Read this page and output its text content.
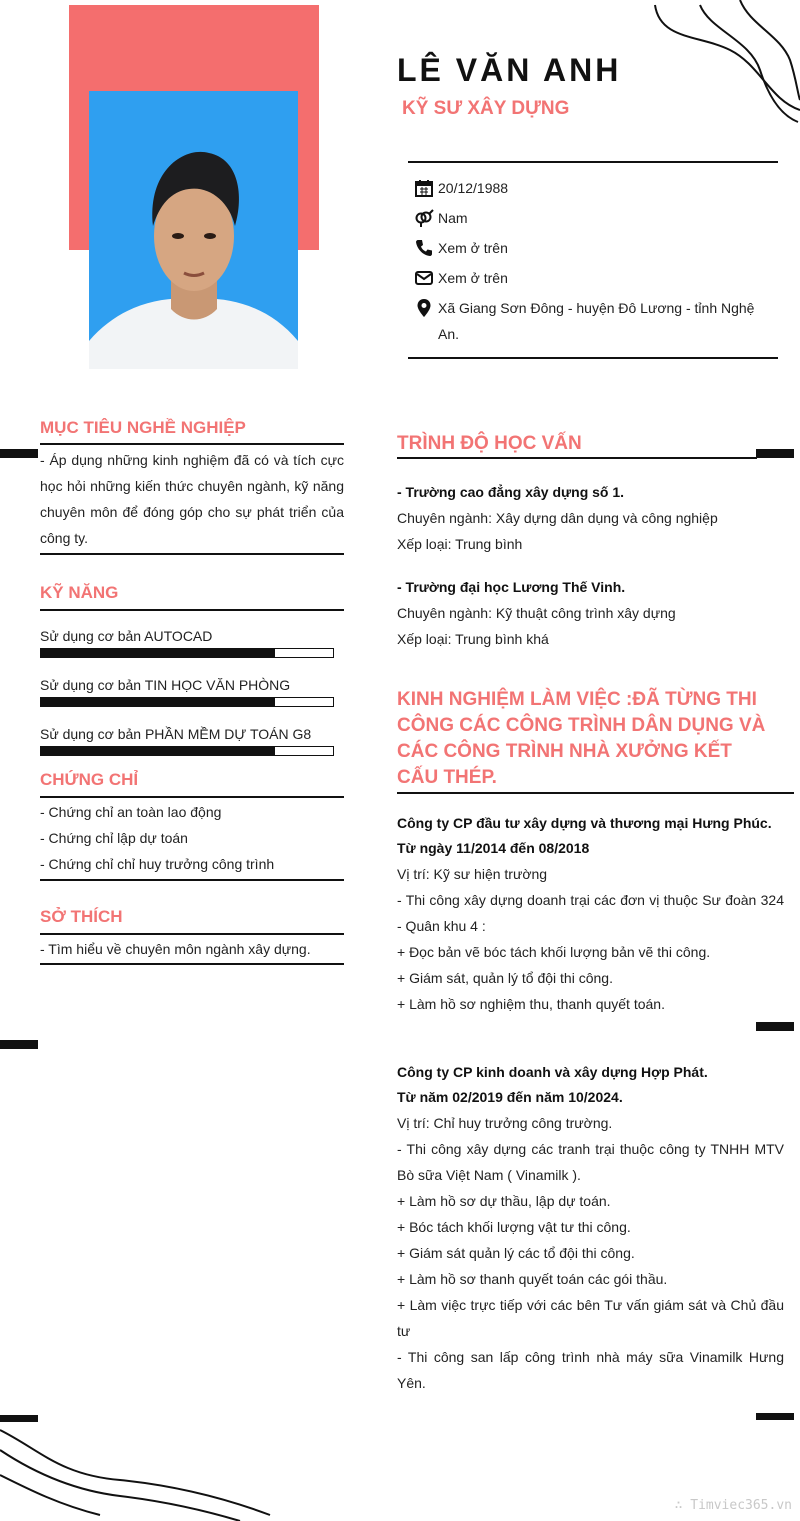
LÊ VĂN ANH
KỸ SƯ XÂY DỰNG
20/12/1988
Nam
Xem ở trên
Xem ở trên
Xã Giang Sơn Đông - huyện Đô Lương - tỉnh Nghệ An.
MỤC TIÊU NGHỀ NGHIỆP
- Áp dụng những kinh nghiệm đã có và tích cực học hỏi những kiến thức chuyên ngành, kỹ năng chuyên môn để đóng góp cho sự phát triển của công ty.
KỸ NĂNG
Sử dụng cơ bản AUTOCAD
Sử dụng cơ bản TIN HỌC VĂN PHÒNG
Sử dụng cơ bản PHẦN MỀM DỰ TOÁN G8
CHỨNG CHỈ
- Chứng chỉ an toàn lao động
- Chứng chỉ lập dự toán
- Chứng chỉ chỉ huy trưởng công trình
SỞ THÍCH
- Tìm hiểu về chuyên môn ngành xây dựng.
TRÌNH ĐỘ HỌC VẤN
- Trường cao đẳng xây dựng số 1.
Chuyên ngành: Xây dựng dân dụng và công nghiệp
Xếp loại: Trung bình
- Trường đại học Lương Thế Vinh.
Chuyên ngành: Kỹ thuật công trình xây dựng
Xếp loại: Trung bình khá
KINH NGHIỆM LÀM VIỆC :ĐÃ TỪNG THI CÔNG CÁC CÔNG TRÌNH DÂN DỤNG VÀ CÁC CÔNG TRÌNH NHÀ XƯỞNG KẾT CẤU THÉP.
Công ty CP đầu tư xây dựng và thương mại Hưng Phúc.
Từ ngày 11/2014 đến 08/2018
Vị trí: Kỹ sư hiện trường
- Thi công xây dựng doanh trại các đơn vị thuộc Sư đoàn 324 - Quân khu 4 :
+ Đọc bản vẽ bóc tách khối lượng bản vẽ thi công.
+ Giám sát, quản lý tổ đội thi công.
+ Làm hồ sơ nghiệm thu, thanh quyết toán.
Công ty CP kinh doanh và xây dựng Hợp Phát.
Từ năm 02/2019 đến năm 10/2024.
Vị trí: Chỉ huy trưởng công trường.
- Thi công xây dựng các tranh trại thuộc công ty TNHH MTV Bò sữa Việt Nam ( Vinamilk ).
+ Làm hồ sơ dự thầu, lập dự toán.
+ Bóc tách khối lượng vật tư thi công.
+ Giám sát quản lý các tổ đội thi công.
+ Làm hồ sơ thanh quyết toán các gói thầu.
+ Làm việc trực tiếp với các bên Tư vấn giám sát và Chủ đầu tư
- Thi công san lấp công trình nhà máy sữa Vinamilk Hưng Yên.
∴ Timviec365.vn
